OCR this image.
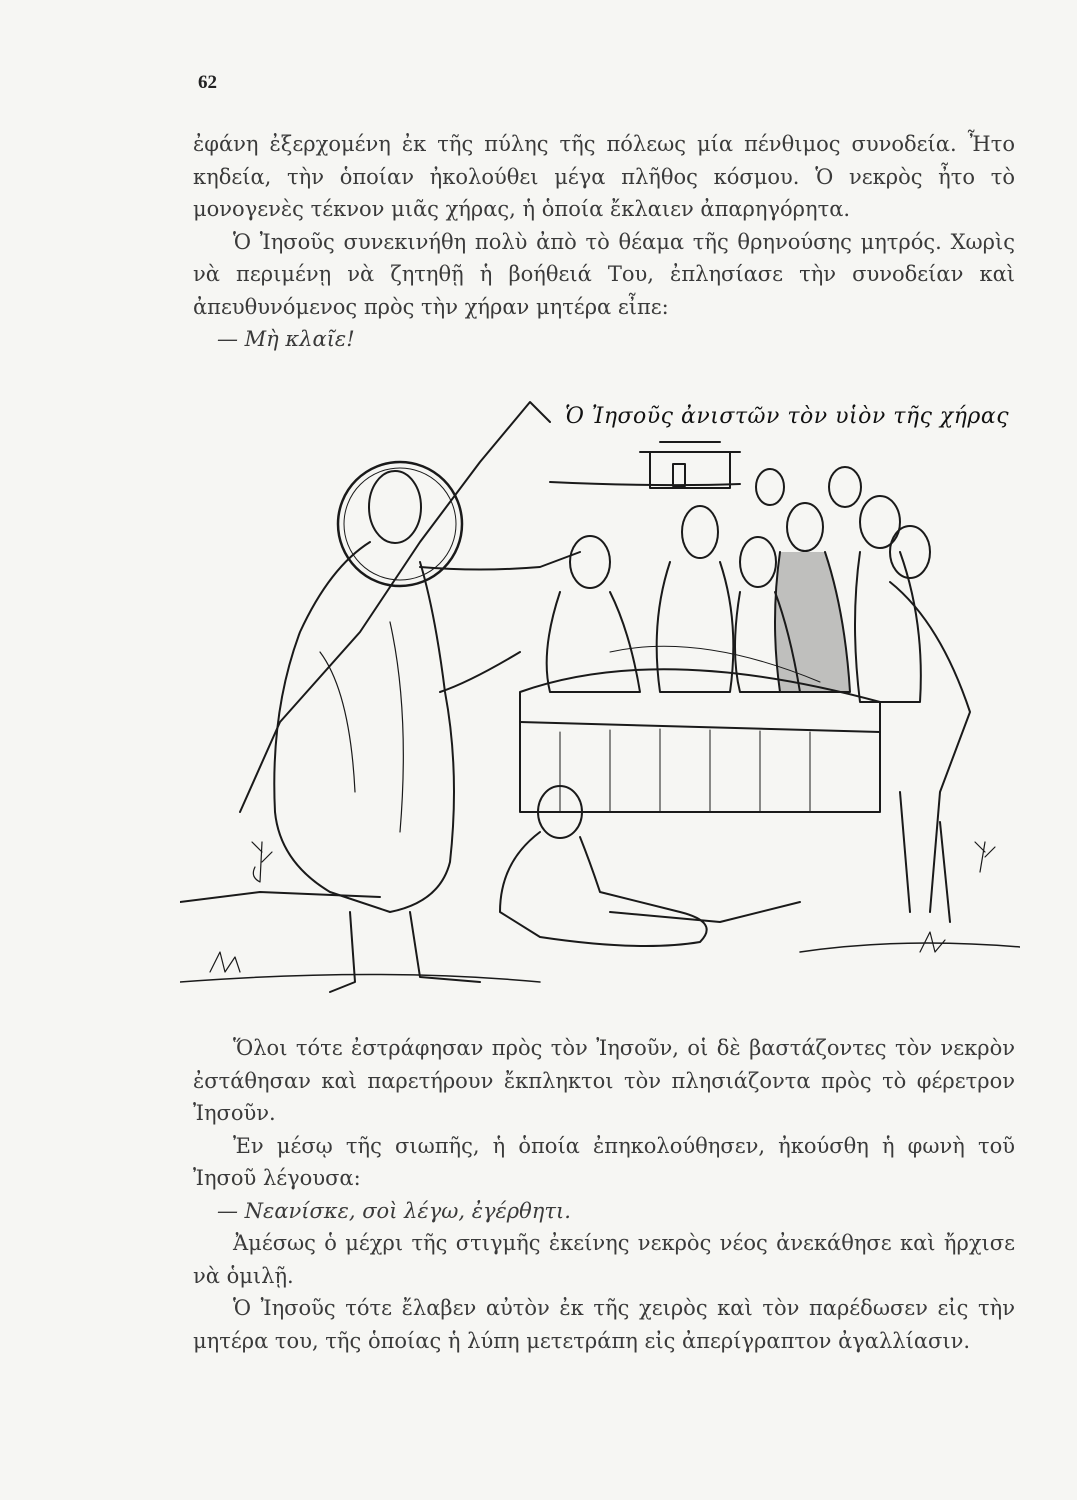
62

ἐφάνη ἐξερχομένη ἐκ τῆς πύλης τῆς πόλεως μία πένθιμος συνοδεία. Ἦτο κηδεία, τὴν ὁποίαν ἠκολούθει μέγα πλῆθος κόσμου. Ὁ νεκρὸς ἦτο τὸ μονογενὲς τέκνον μιᾶς χήρας, ἡ ὁποία ἔκλαιεν ἀπαρηγόρητα.

Ὁ Ἰησοῦς συνεκινήθη πολὺ ἀπὸ τὸ θέαμα τῆς θρηνούσης μητρός. Χωρὶς νὰ περιμένῃ νὰ ζητηθῇ ἡ βοήθειά Του, ἐπλησίασε τὴν συνοδείαν καὶ ἀπευθυνόμενος πρὸς τὴν χήραν μητέρα εἶπε:

— Μὴ κλαῖε!

Ὁ Ἰησοῦς ἀνιστῶν τὸν υἱὸν τῆς χήρας

Ὅλοι τότε ἐστράφησαν πρὸς τὸν Ἰησοῦν, οἱ δὲ βαστάζοντες τὸν νεκρὸν ἐστάθησαν καὶ παρετήρουν ἔκπληκτοι τὸν πλησιάζοντα πρὸς τὸ φέρετρον Ἰησοῦν.

Ἐν μέσῳ τῆς σιωπῆς, ἡ ὁποία ἐπηκολούθησεν, ἠκούσθη ἡ φωνὴ τοῦ Ἰησοῦ λέγουσα:

— Νεανίσκε, σοὶ λέγω, ἐγέρθητι.

Ἀμέσως ὁ μέχρι τῆς στιγμῆς ἐκείνης νεκρὸς νέος ἀνεκάθησε καὶ ἤρχισε νὰ ὁμιλῇ.

Ὁ Ἰησοῦς τότε ἔλαβεν αὐτὸν ἐκ τῆς χειρὸς καὶ τὸν παρέδωσεν εἰς τὴν μητέρα του, τῆς ὁποίας ἡ λύπη μετετράπη εἰς ἀπερίγραπτον ἀγαλλίασιν.
